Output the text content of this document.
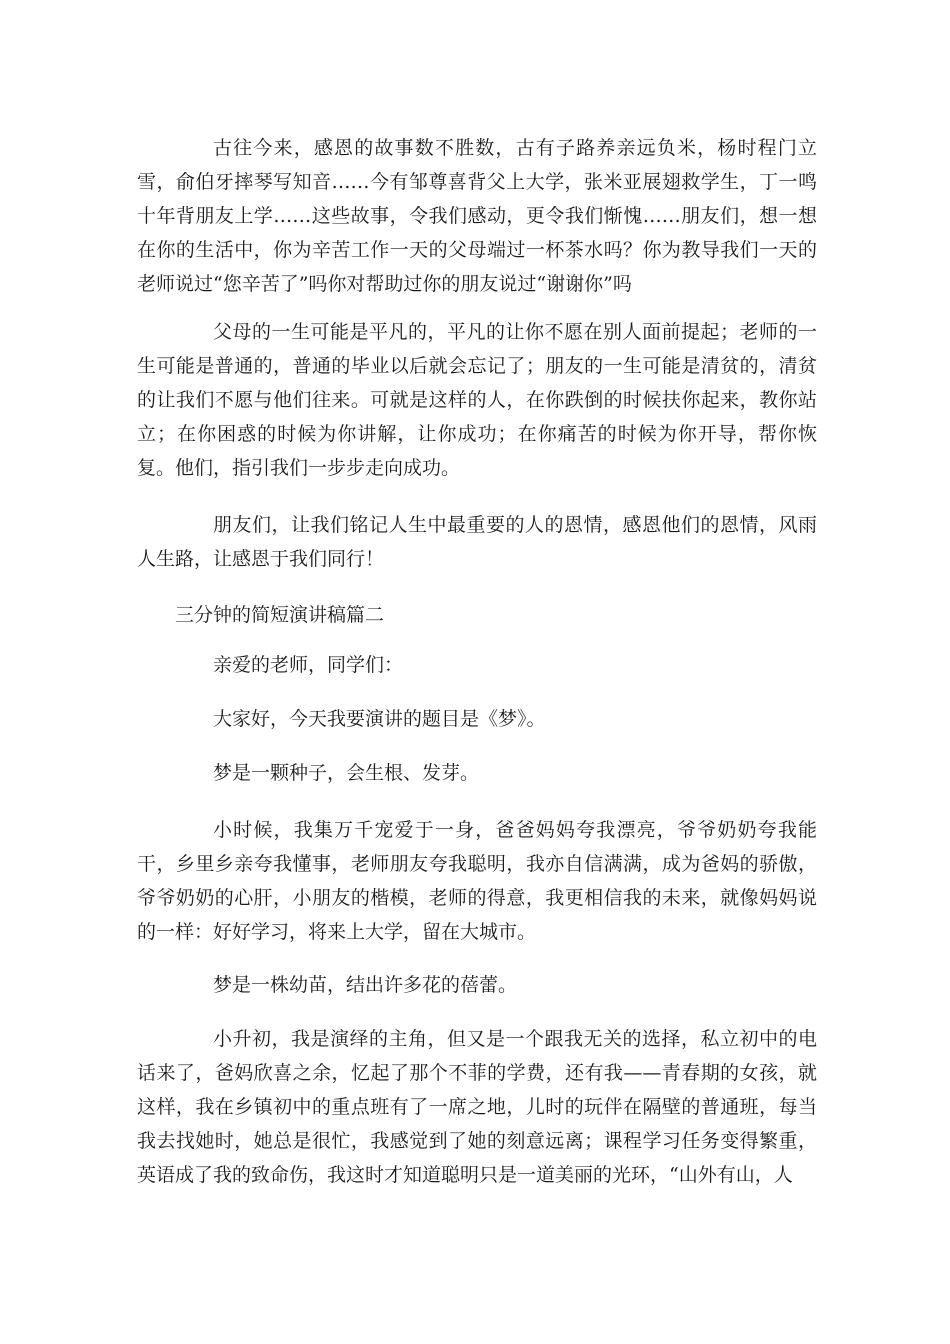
古往今来，感恩的故事数不胜数，古有子路养亲远负米，杨时程门立雪，俞伯牙摔琴写知音……今有邹尊喜背父上大学，张米亚展翅救学生，丁一鸣十年背朋友上学……这些故事，令我们感动，更令我们惭愧……朋友们，想一想在你的生活中，你为辛苦工作一天的父母端过一杯茶水吗？你为教导我们一天的老师说过“您辛苦了”吗你对帮助过你的朋友说过“谢谢你”吗

父母的一生可能是平凡的，平凡的让你不愿在别人面前提起；老师的一生可能是普通的，普通的毕业以后就会忘记了；朋友的一生可能是清贫的，清贫的让我们不愿与他们往来。可就是这样的人，在你跌倒的时候扶你起来，教你站立；在你困惑的时候为你讲解，让你成功；在你痛苦的时候为你开导，帮你恢复。他们，指引我们一步步走向成功。

朋友们，让我们铭记人生中最重要的人的恩情，感恩他们的恩情，风雨人生路，让感恩于我们同行！

三分钟的简短演讲稿篇二

亲爱的老师，同学们：

大家好，今天我要演讲的题目是《梦》。

梦是一颗种子，会生根、发芽。

小时候，我集万千宠爱于一身，爸爸妈妈夸我漂亮，爷爷奶奶夸我能干，乡里乡亲夸我懂事，老师朋友夸我聪明，我亦自信满满，成为爸妈的骄傲，爷爷奶奶的心肝，小朋友的楷模，老师的得意，我更相信我的未来，就像妈妈说的一样：好好学习，将来上大学，留在大城市。

梦是一株幼苗，结出许多花的蓓蕾。

小升初，我是演绎的主角，但又是一个跟我无关的选择，私立初中的电话来了，爸妈欣喜之余，忆起了那个不菲的学费，还有我——青春期的女孩，就这样，我在乡镇初中的重点班有了一席之地，儿时的玩伴在隔壁的普通班，每当我去找她时，她总是很忙，我感觉到了她的刻意远离；课程学习任务变得繁重，英语成了我的致命伤，我这时才知道聪明只是一道美丽的光环，“山外有山，人
